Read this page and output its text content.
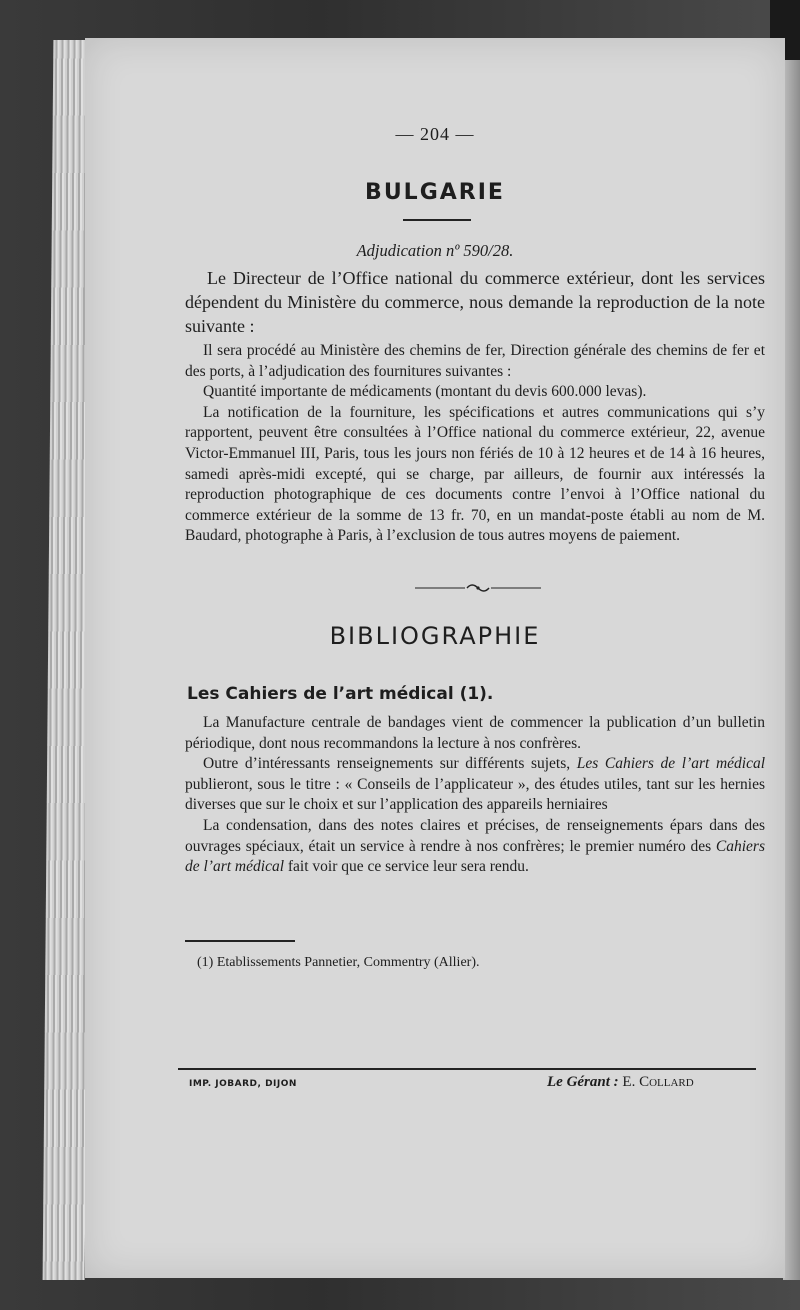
— 204 —
BULGARIE
Adjudication nº 590/28.
Le Directeur de l’Office national du commerce extérieur, dont les services dépendent du Ministère du commerce, nous demande la reproduction de la note suivante :

Il sera procédé au Ministère des chemins de fer, Direction générale des chemins de fer et des ports, à l’adjudication des fournitures suivantes :

Quantité importante de médicaments (montant du devis 600.000 levas).

La notification de la fourniture, les spécifications et autres communications qui s’y rapportent, peuvent être consultées à l’Office national du commerce extérieur, 22, avenue Victor-Emmanuel III, Paris, tous les jours non fériés de 10 à 12 heures et de 14 à 16 heures, samedi après-midi excepté, qui se charge, par ailleurs, de fournir aux intéressés la reproduction photographique de ces documents contre l’envoi à l’Office national du commerce extérieur de la somme de 13 fr. 70, en un mandat-poste établi au nom de M. Baudard, photographe à Paris, à l’exclusion de tous autres moyens de paiement.

BIBLIOGRAPHIE
Les Cahiers de l’art médical (1).

La Manufacture centrale de bandages vient de commencer la publication d’un bulletin périodique, dont nous recommandons la lecture à nos confrères.

Outre d’intéressants renseignements sur différents sujets, Les Cahiers de l’art médical publieront, sous le titre : « Conseils de l’applicateur », des études utiles, tant sur les hernies diverses que sur le choix et sur l’application des appareils herniaires

La condensation, dans des notes claires et précises, de renseignements épars dans des ouvrages spéciaux, était un service à rendre à nos confrères; le premier numéro des Cahiers de l’art médical fait voir que ce service leur sera rendu.

(1) Etablissements Pannetier, Commentry (Allier).
IMP. JOBARD, DIJON	Le Gérant : E. Collard
